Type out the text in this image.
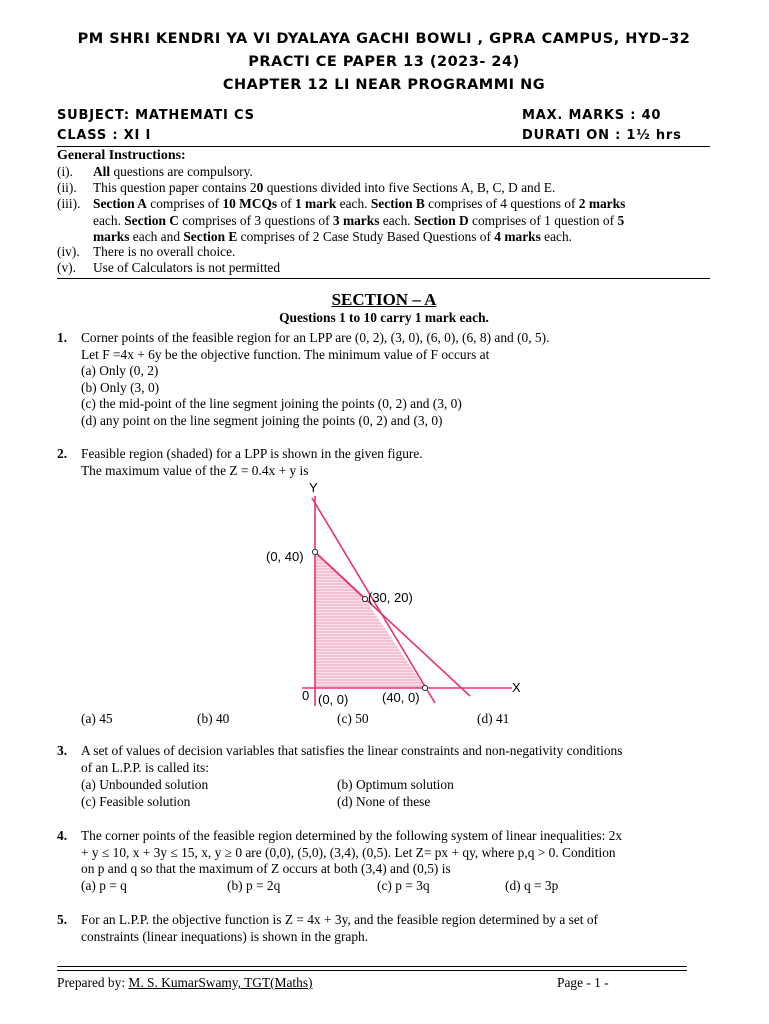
PM SHRI KENDRI YA VI DYALAYA GACHI BOWLI , GPRA CAMPUS, HYD–32
PRACTI CE PAPER 13 (2023- 24)
CHAPTER 12 LI NEAR PROGRAMMI NG
SUBJECT: MATHEMATI CS	MAX. MARKS : 40
CLASS : XI I	DURATI ON : 1½ hrs
General Instructions:
(i). All questions are compulsory.
(ii). This question paper contains 20 questions divided into five Sections A, B, C, D and E.
(iii). Section A comprises of 10 MCQs of 1 mark each. Section B comprises of 4 questions of 2 marks
each. Section C comprises of 3 questions of 3 marks each. Section D comprises of 1 question of 5
marks each and Section E comprises of 2 Case Study Based Questions of 4 marks each.
(iv). There is no overall choice.
(v). Use of Calculators is not permitted
SECTION – A
Questions 1 to 10 carry 1 mark each.
1. Corner points of the feasible region for an LPP are (0, 2), (3, 0), (6, 0), (6, 8) and (0, 5).
Let F =4x + 6y be the objective function. The minimum value of F occurs at
(a) Only (0, 2)
(b) Only (3, 0)
(c) the mid-point of the line segment joining the points (0, 2) and (3, 0)
(d) any point on the line segment joining the points (0, 2) and (3, 0)
2. Feasible region (shaded) for a LPP is shown in the given figure.
The maximum value of the Z = 0.4x + y is
Y
X
0
(0, 40)
(30, 20)
(0, 0)	(40, 0)
(a) 45	(b) 40	(c) 50	(d) 41
3. A set of values of decision variables that satisfies the linear constraints and non-negativity conditions
of an L.P.P. is called its:
(a) Unbounded solution	(b) Optimum solution
(c) Feasible solution	(d) None of these
4. The corner points of the feasible region determined by the following system of linear inequalities: 2x
+ y ≤ 10, x + 3y ≤ 15, x, y ≥ 0 are (0,0), (5,0), (3,4), (0,5). Let Z= px + qy, where p,q > 0. Condition
on p and q so that the maximum of Z occurs at both (3,4) and (0,5) is
(a) p = q	(b) p = 2q	(c) p = 3q	(d) q = 3p
5. For an L.P.P. the objective function is Z = 4x + 3y, and the feasible region determined by a set of
constraints (linear inequations) is shown in the graph.
Prepared by: M. S. KumarSwamy, TGT(Maths)	Page - 1 -
